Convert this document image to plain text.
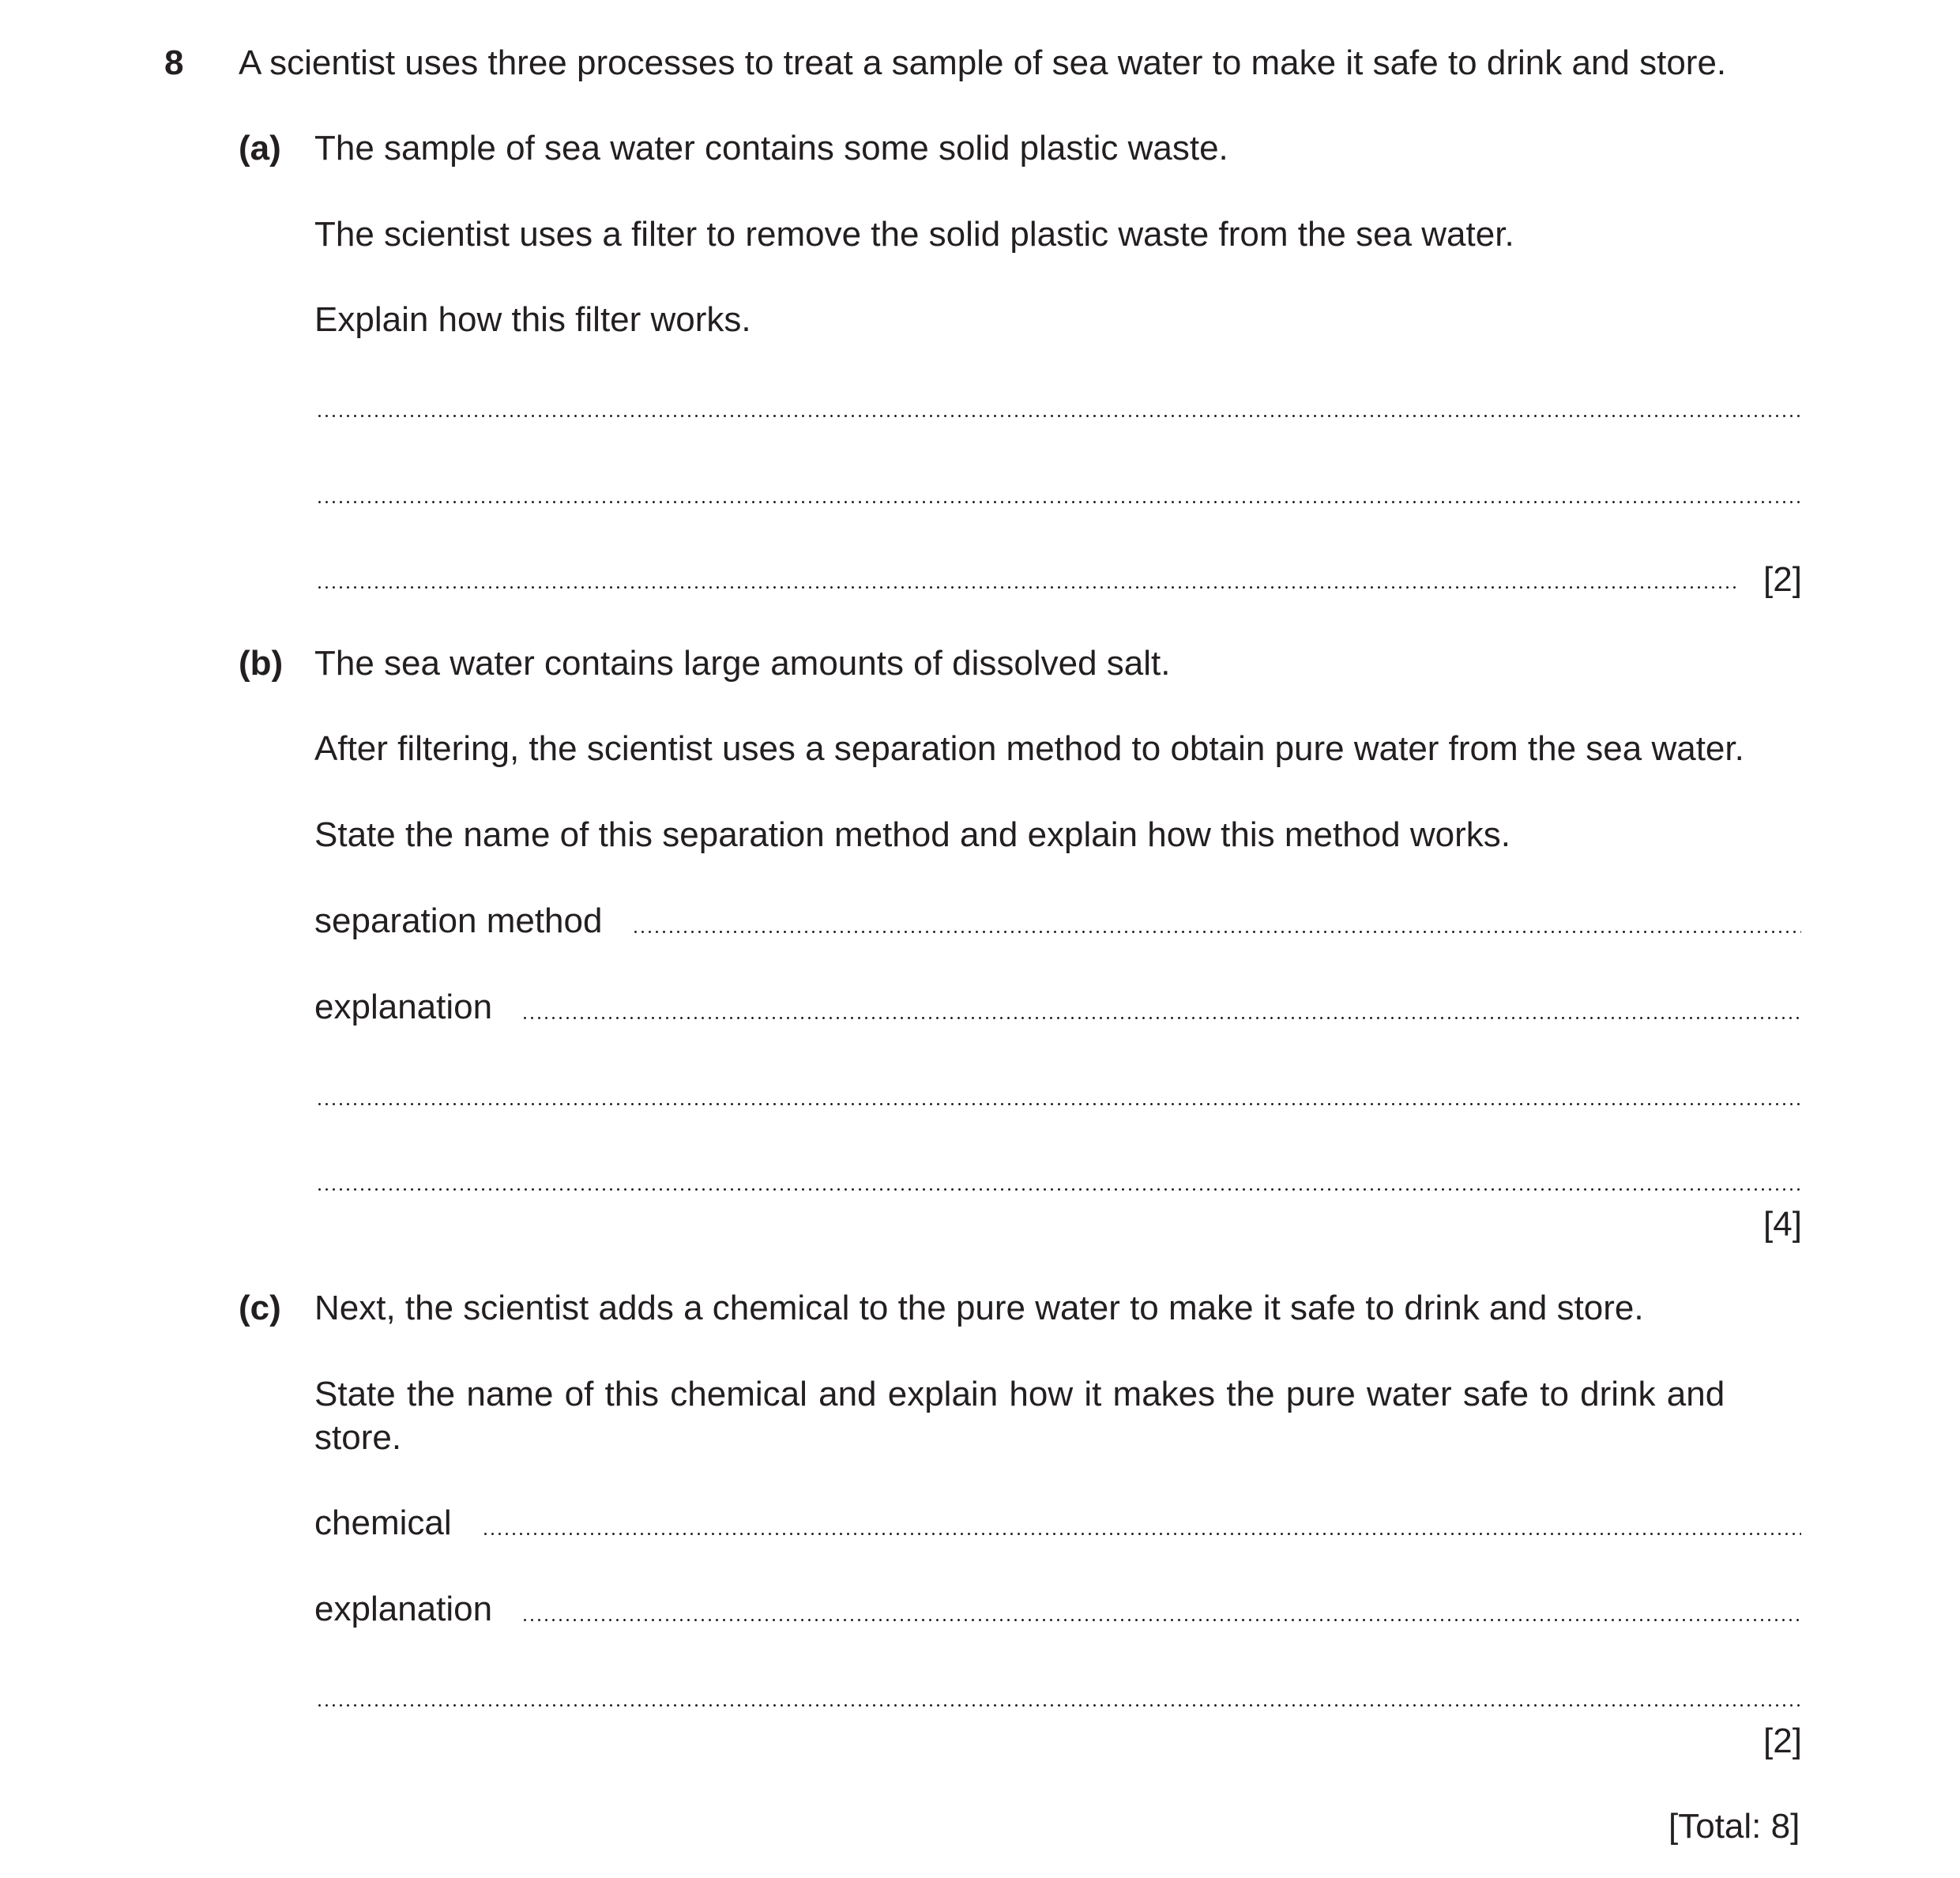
8 A scientist uses three processes to treat a sample of sea water to make it safe to drink and store.
(a) The sample of sea water contains some solid plastic waste.
The scientist uses a filter to remove the solid plastic waste from the sea water.
Explain how this filter works.
[2]
(b) The sea water contains large amounts of dissolved salt.
After filtering, the scientist uses a separation method to obtain pure water from the sea water.
State the name of this separation method and explain how this method works.
separation method
explanation
[4]
(c) Next, the scientist adds a chemical to the pure water to make it safe to drink and store.
State the name of this chemical and explain how it makes the pure water safe to drink and
store.
chemical
explanation
[2]
[Total: 8]
